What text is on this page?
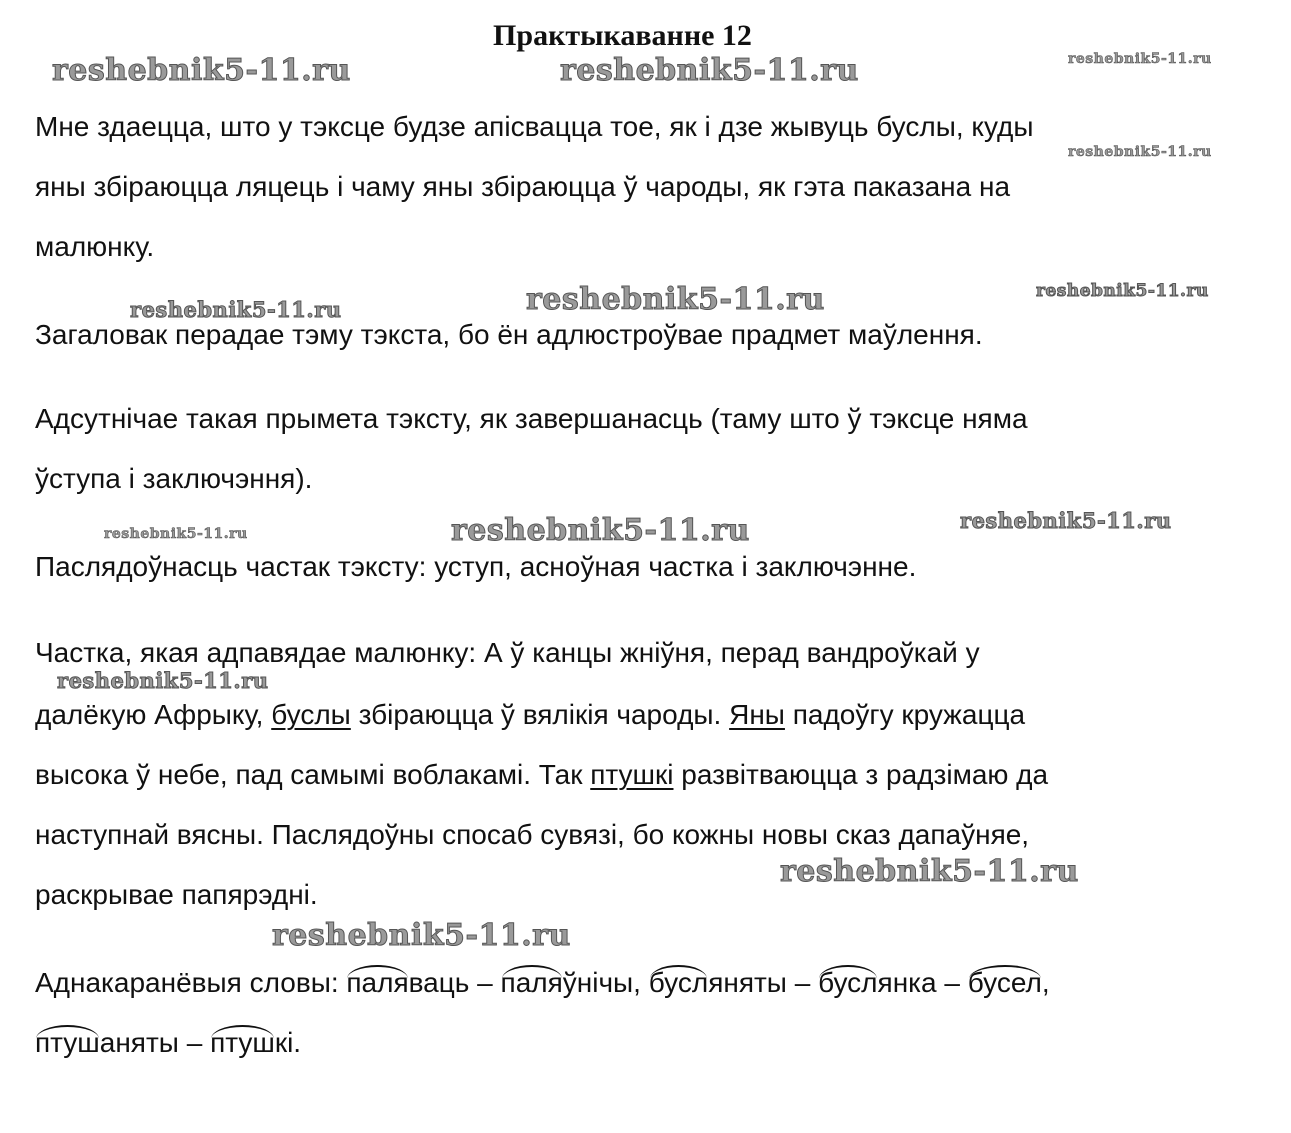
reshebnik5-11.ru	reshebnik5-11.ru	reshebnik5-11.ru
reshebnik5-11.ru
reshebnik5-11.ru	reshebnik5-11.ru	reshebnik5-11.ru
reshebnik5-11.ru	reshebnik5-11.ru	reshebnik5-11.ru
reshebnik5-11.ru
reshebnik5-11.ru
reshebnik5-11.ru
Практыкаванне 12
Мне здаецца, што у тэксце будзе апісвацца тое, як і дзе жывуць буслы, куды
яны збіраюцца ляцець і чаму яны збіраюцца ў чароды, як гэта паказана на
малюнку.
Загаловак перадае тэму тэкста, бо ён адлюстроўвае прадмет маўлення.
Адсутнічае такая прымета тэксту, як завершанасць (таму што ў тэксце няма
ўступа і заключэння).
Паслядоўнасць частак тэксту: уступ, асноўная частка і заключэнне.
Частка, якая адпавядае малюнку: А ў канцы жніўня, перад вандроўкай у
далёкую Афрыку, буслы збіраюцца ў вялікія чароды. Яны падоўгу кружацца
высока ў небе, пад самымі воблакамі. Так птушкі развітваюцца з радзімаю да
наступнай вясны. Паслядоўны спосаб сувязі, бо кожны новы сказ дапаўняе,
раскрывае папярэдні.
Аднакаранёвыя словы: паляваць – паляўнічы, бусляняты – буслянка – бусел,
птушаняты – птушкі.
